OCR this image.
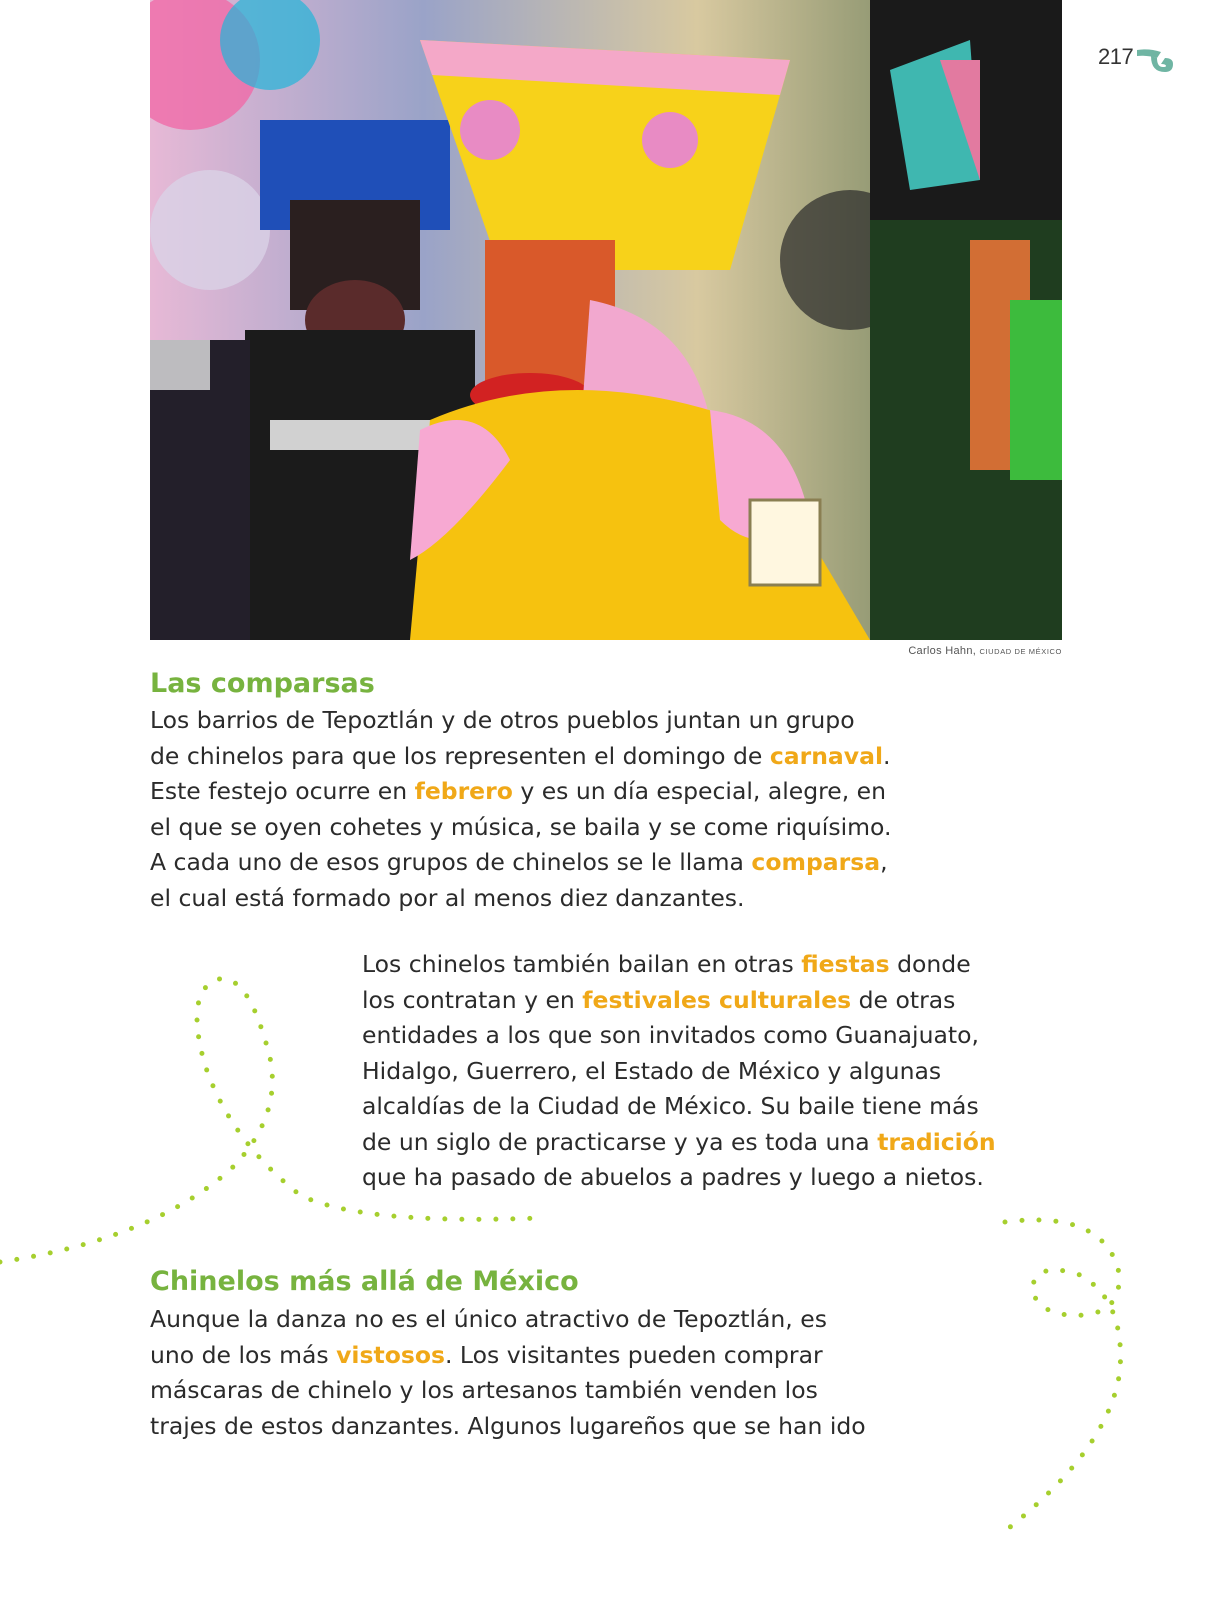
217
Carlos Hahn, CIUDAD DE MÉXICO
Las comparsas
Los barrios de Tepoztlán y de otros pueblos juntan un grupo
de chinelos para que los representen el domingo de carnaval.
Este festejo ocurre en febrero y es un día especial, alegre, en
el que se oyen cohetes y música, se baila y se come riquísimo.
A cada uno de esos grupos de chinelos se le llama comparsa,
el cual está formado por al menos diez danzantes.
Los chinelos también bailan en otras fiestas donde
los contratan y en festivales culturales de otras
entidades a los que son invitados como Guanajuato,
Hidalgo, Guerrero, el Estado de México y algunas
alcaldías de la Ciudad de México. Su baile tiene más
de un siglo de practicarse y ya es toda una tradición
que ha pasado de abuelos a padres y luego a nietos.
Chinelos más allá de México
Aunque la danza no es el único atractivo de Tepoztlán, es
uno de los más vistosos. Los visitantes pueden comprar
máscaras de chinelo y los artesanos también venden los
trajes de estos danzantes. Algunos lugareños que se han ido
